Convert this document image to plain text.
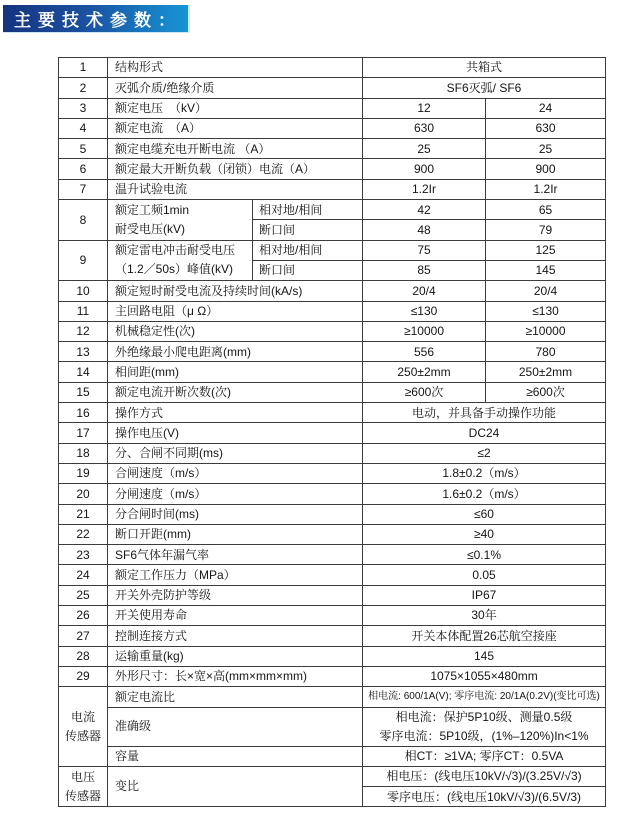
主要技术参数：
1	结构形式		共箱式	
2	灭弧介质/绝缘介质		SF6灭弧/ SF6	
3	额定电压　（kV）		12	24
4	额定电流　（A）		630	630
5	额定电缆充电开断电流 （A）		25	25
6	额定最大开断负载（闭锁）电流（A）		900	900
7	温升试验电流		1.2Ir	1.2Ir
8	额定工频1min
耐受电压(kV)	相对地/相间	42	65
		断口间	48	79
9	额定雷电冲击耐受电压
（1.2／50s）峰值(kV)	相对地/相间	75	125
		断口间	85	145
10	额定短时耐受电流及持续时间(kA/s)		20/4	20/4
11	主回路电阻（μ Ω）		≤130	≤130
12	机械稳定性(次)		≥10000	≥10000
13	外绝缘最小爬电距离(mm)		556	780
14	相间距(mm)		250±2mm	250±2mm
15	额定电流开断次数(次)		≥600次	≥600次
16	操作方式		电动，并具备手动操作功能	
17	操作电压(V)		DC24	
18	分、合闸不同期(ms)		≤2	
19	合闸速度（m/s）		1.8±0.2（m/s）	
20	分闸速度（m/s）		1.6±0.2（m/s）	
21	分合闸时间(ms)		≤60	
22	断口开距(mm)		≥40	
23	SF6气体年漏气率		≤0.1%	
24	额定工作压力（MPa）		0.05	
25	开关外壳防护等级		IP67	
26	开关使用寿命		30年	
27	控制连接方式		开关本体配置26芯航空接座	
28	运输重量(kg)		145	
29	外形尺寸：长×宽×高(mm×mm×mm)		1075×1055×480mm	

电流
传感器	额定电流比		相电流: 600/1A(V); 零序电流: 20/1A(0.2V)(变比可选)	
	准确级		相电流：保护5P10级、测量0.5级
零序电流：5P10级，(1%–120%)In<1%	

	容量		相CT：≥1VA; 零序CT：0.5VA	

电压
传感器	变比		相电压：(线电压10kV/√3)/(3.25V/√3)	
			零序电压：(线电压10kV/√3)/(6.5V/3)	
